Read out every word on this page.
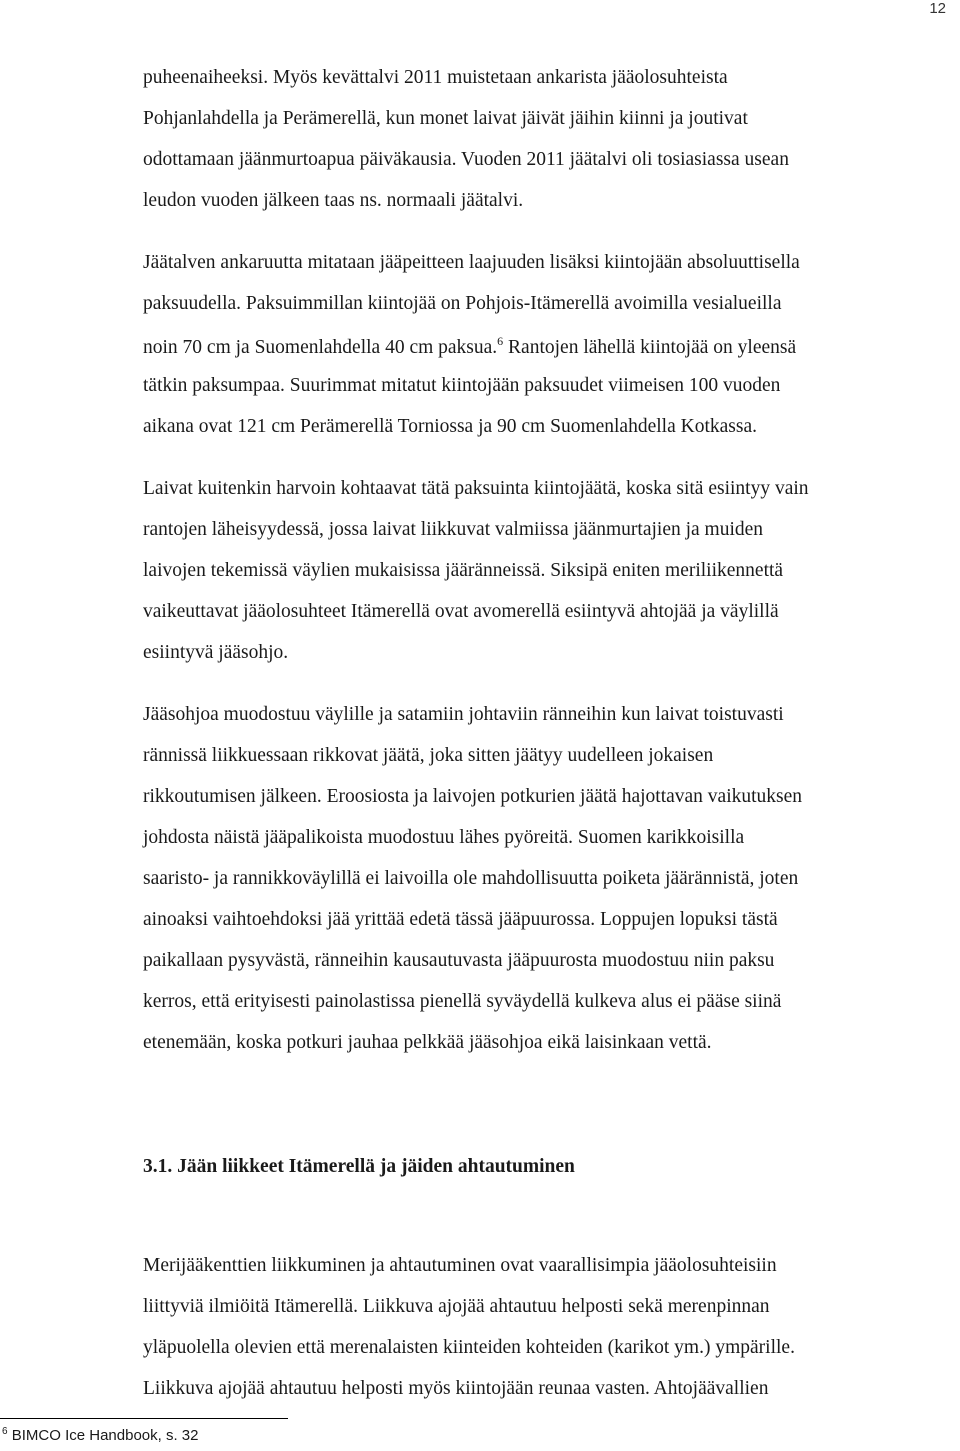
12
puheenaiheeksi. Myös kevättalvi 2011 muistetaan ankarista jääolosuhteista
Pohjanlahdella ja Perämerellä, kun monet laivat jäivät jäihin kiinni ja joutivat
odottamaan jäänmurtoapua päiväkausia. Vuoden 2011 jäätalvi oli tosiasiassa usean
leudon vuoden jälkeen taas ns. normaali jäätalvi.
Jäätalven ankaruutta mitataan jääpeitteen laajuuden lisäksi kiintojään absoluuttisella
paksuudella. Paksuimmillan kiintojää on Pohjois-Itämerellä avoimilla vesialueilla
noin 70 cm ja Suomenlahdella 40 cm paksua.$^6$ Rantojen lähellä kiintojää on yleensä
tätkin paksumpaa. Suurimmat mitatut kiintojään paksuudet viimeisen 100 vuoden
aikana ovat 121 cm Perämerellä Torniossa ja 90 cm Suomenlahdella Kotkassa.
Laivat kuitenkin harvoin kohtaavat tätä paksuinta kiintojäätä, koska sitä esiintyy vain
rantojen läheisyydessä, jossa laivat liikkuvat valmiissa jäänmurtajien ja muiden
laivojen tekemissä väylien mukaisissa jääränneissä. Siksipä eniten meriliikennettä
vaikeuttavat jääolosuhteet Itämerellä ovat avomerellä esiintyvä ahtojää ja väylillä
esiintyvä jääsohjo.
Jääsohjoa muodostuu väylille ja satamiin johtaviin ränneihin kun laivat toistuvasti
rännissä liikkuessaan rikkovat jäätä, joka sitten jäätyy uudelleen jokaisen
rikkoutumisen jälkeen. Eroosiosta ja laivojen potkurien jäätä hajottavan vaikutuksen
johdosta näistä jääpalikoista muodostuu lähes pyöreitä. Suomen karikkoisilla
saaristo- ja rannikkoväylillä ei laivoilla ole mahdollisuutta poiketa jäärännistä, joten
ainoaksi vaihtoehdoksi jää yrittää edetä tässä jääpuurossa. Loppujen lopuksi tästä
paikallaan pysyvästä, ränneihin kausautuvasta jääpuurosta muodostuu niin paksu
kerros, että erityisesti painolastissa pienellä syväydellä kulkeva alus ei pääse siinä
etenemään, koska potkuri jauhaa pelkkää jääsohjoa eikä laisinkaan vettä.
3.1. Jään liikkeet Itämerellä ja jäiden ahtautuminen
Merijääkenttien liikkuminen ja ahtautuminen ovat vaarallisimpia jääolosuhteisiin
liittyviä ilmiöitä Itämerellä. Liikkuva ajojää ahtautuu helposti sekä merenpinnan
yläpuolella olevien että merenalaisten kiinteiden kohteiden (karikot ym.) ympärille.
Liikkuva ajojää ahtautuu helposti myös kiintojään reunaa vasten. Ahtojäävallien
$^6$ BIMCO Ice Handbook, s. 32
